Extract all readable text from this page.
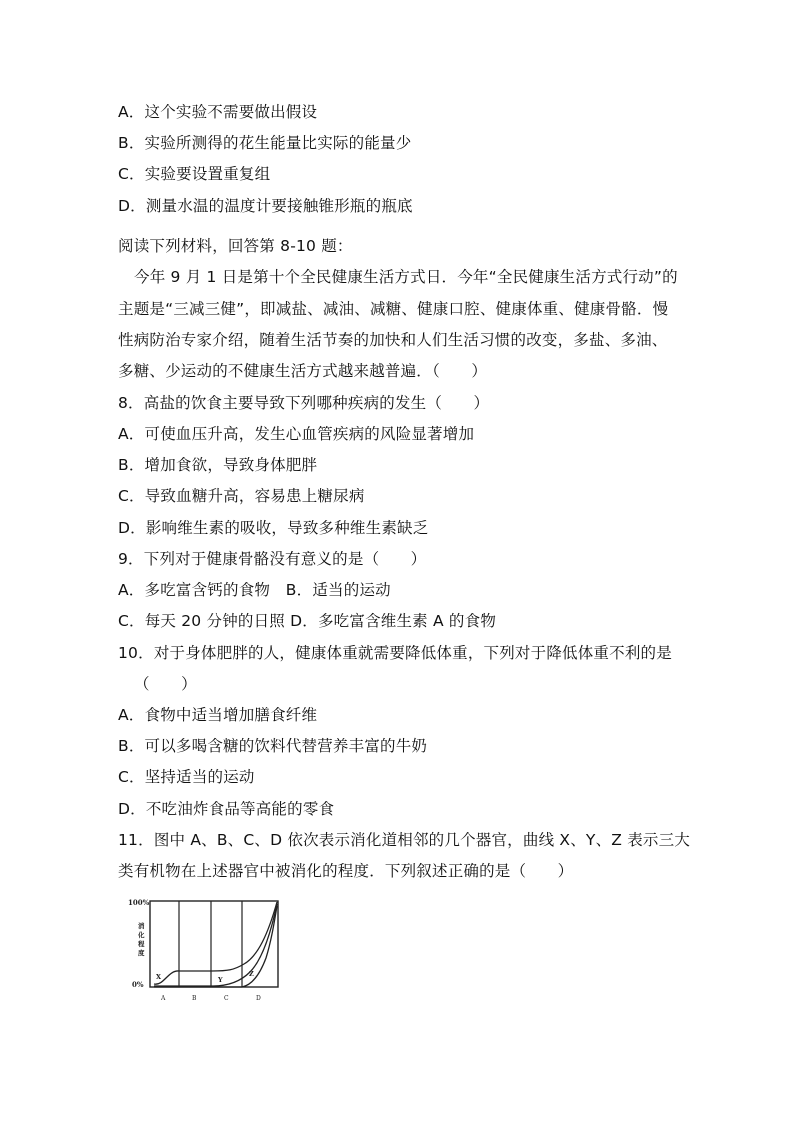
A．这个实验不需要做出假设
B．实验所测得的花生能量比实际的能量少
C．实验要设置重复组
D．测量水温的温度计要接触锥形瓶的瓶底
阅读下列材料，回答第 8-10 题：
今年 9 月 1 日是第十个全民健康生活方式日．今年“全民健康生活方式行动”的
主题是“三减三健”，即减盐、减油、减糖、健康口腔、健康体重、健康骨骼．慢
性病防治专家介绍，随着生活节奏的加快和人们生活习惯的改变，多盐、多油、
多糖、少运动的不健康生活方式越来越普遍．（　　）
8．高盐的饮食主要导致下列哪种疾病的发生（　　）
A．可使血压升高，发生心血管疾病的风险显著增加
B．增加食欲，导致身体肥胖
C．导致血糖升高，容易患上糖尿病
D．影响维生素的吸收，导致多种维生素缺乏
9．下列对于健康骨骼没有意义的是（　　）
A．多吃富含钙的食物　B．适当的运动
C．每天 20 分钟的日照 D．多吃富含维生素 A 的食物
10．对于身体肥胖的人，健康体重就需要降低体重，下列对于降低体重不利的是
（　　）
A．食物中适当增加膳食纤维
B．可以多喝含糖的饮料代替营养丰富的牛奶
C．坚持适当的运动
D．不吃油炸食品等高能的零食
11．图中 A、B、C、D 依次表示消化道相邻的几个器官，曲线 X、Y、Z 表示三大
类有机物在上述器官中被消化的程度．下列叙述正确的是（　　）
100%
0%
消
化
程
度
A	B	C	D
X	Y
Z
